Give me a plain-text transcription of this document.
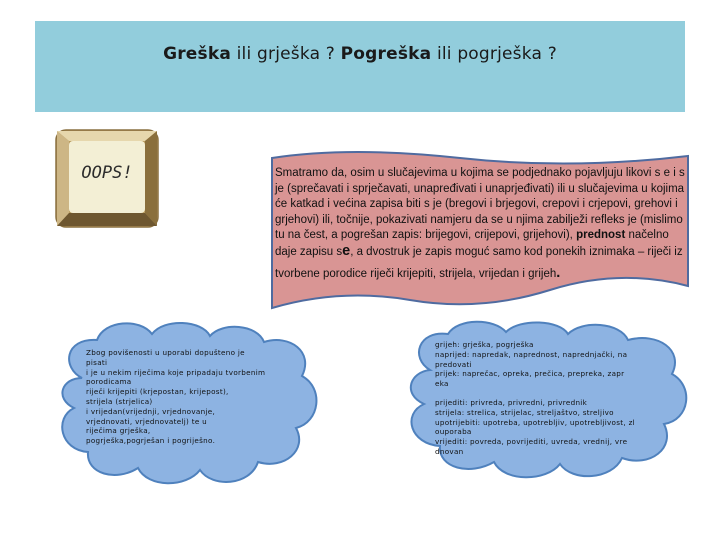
Greška ili grješka ? Pogreška ili pogrješka ?
OOPS!	Smatramo da, osim u slučajevima u kojima se podjednako pojavljuju likovi s e i s je (sprečavati i sprječavati, unapređivati i unaprjeđivati) ili u slučajevima u kojima će katkad i većina zapisa biti s je (bregovi i brjegovi, crepovi i crjepovi, grehovi i grjehovi) ili, točnije, pokazivati namjeru da se u njima zabilježi refleks je (mislimo tu na čest, a pogrešan zapis: brijegovi, crijepovi, grijehovi), prednost načelno daje zapisu se, a dvostruk je zapis moguć samo kod ponekih iznimaka – riječi iz
tvorbene porodice riječi krijepiti, strijela, vrijedan i grijeh.
Zbog povišenosti u uporabi dopušteno je
pisati
i je u nekim riječima koje pripadaju tvorbenim
porodicama
riječi krijepiti (krjepostan, krijepost),
strijela (strjelica)
i vrijedan(vrijednji, vrjednovanje,
vrjednovati, vrjednovatelj) te u
riječima grješka,
pogrješka,pogrješan i pogriješno.
grijeh: grješka, pogrješka
naprijed: napredak, naprednost, naprednjački, na
predovati
prijek: naprečac, opreka, prečica, preprеka, zapr
eka
prijediti: privreda, privredni, privrednik
strijela: strelica, strijelac, streljaštvo, streljivo
upotrijebiti: upotreba, upotrebljiv, upotrebljivost, zl
ouporaba
vrijediti: povreda, povrijediti, uvreda, vrednij, vre
dnovan
